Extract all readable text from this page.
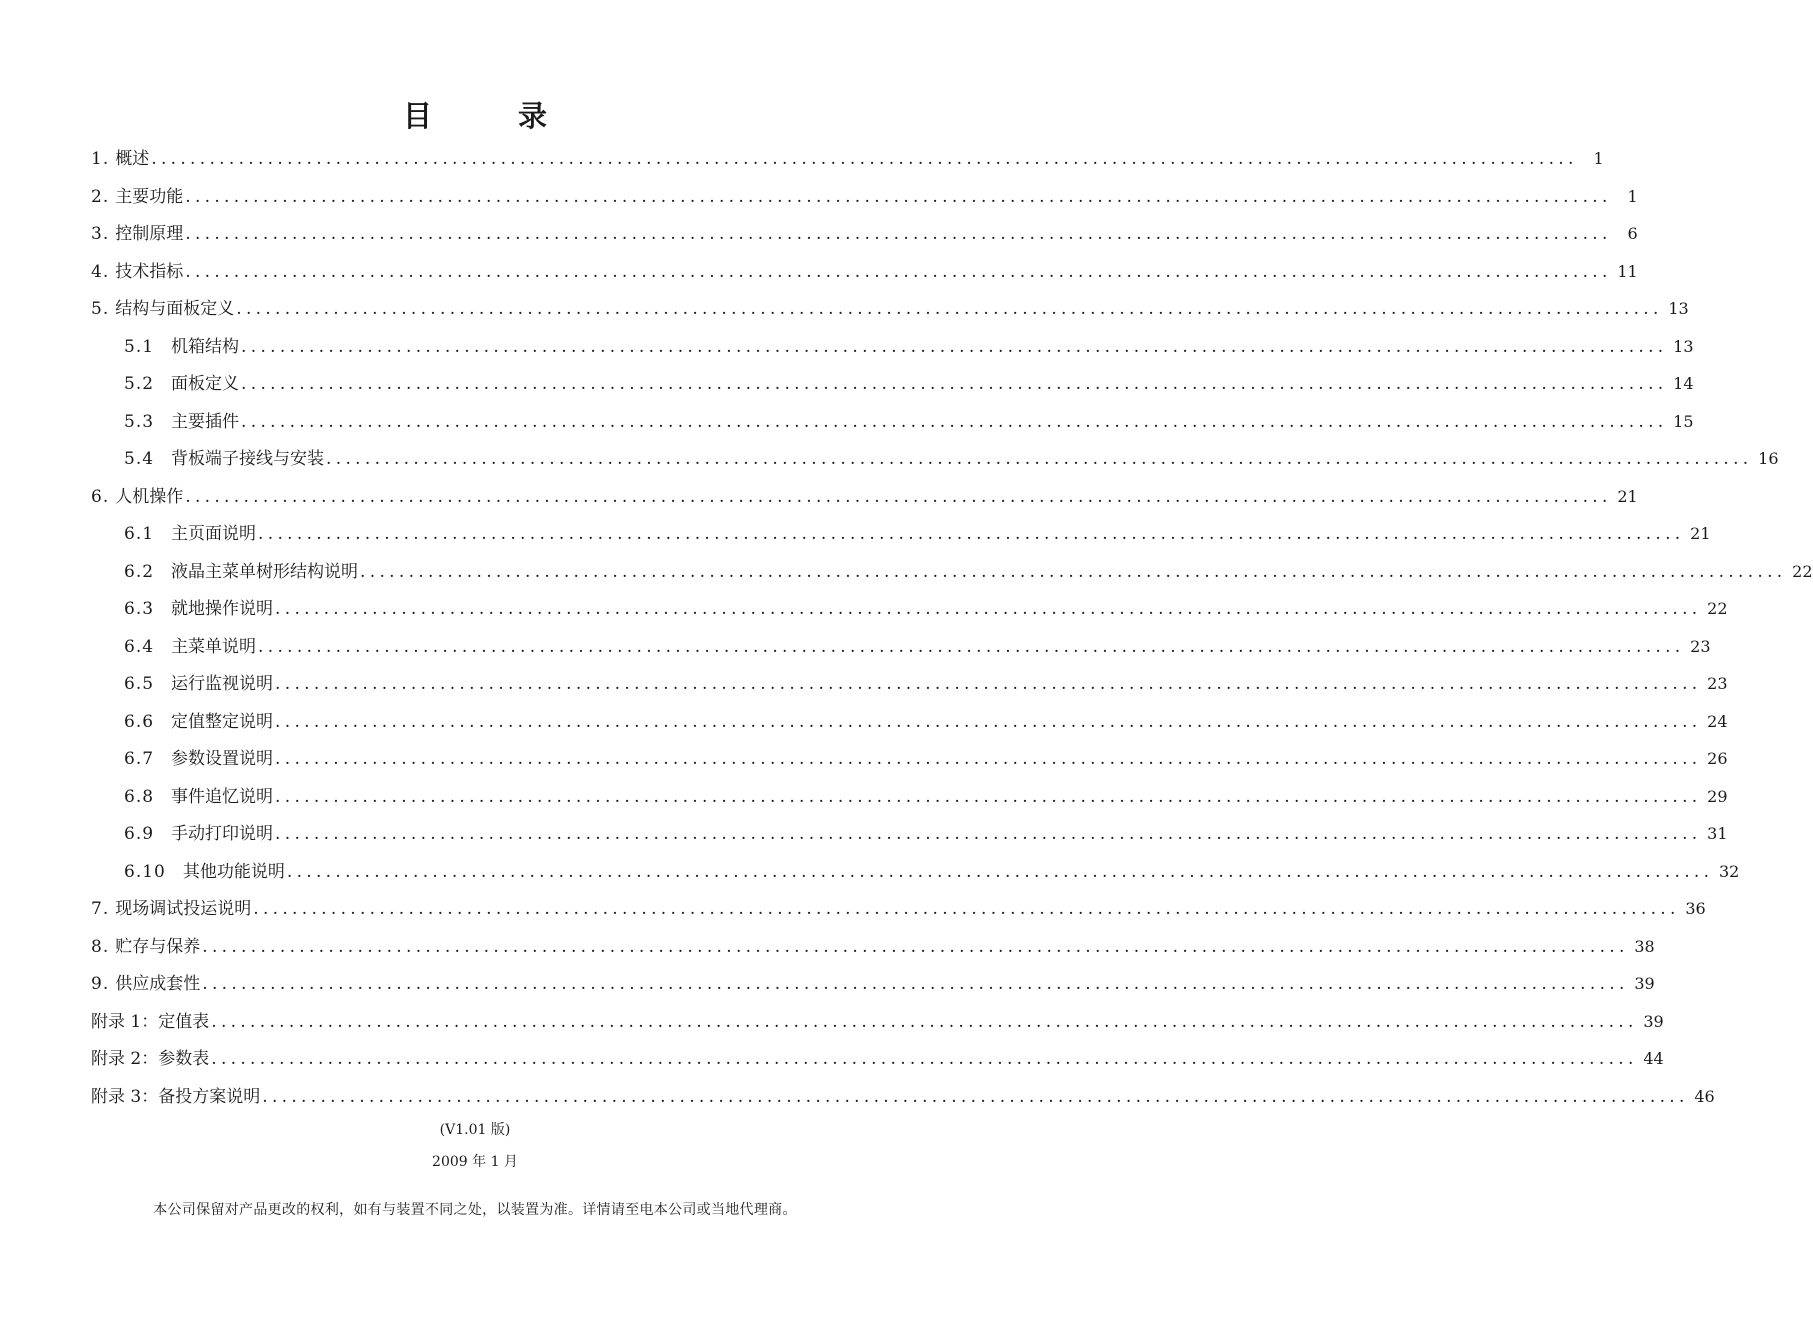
目 录
1. 概述 ................................................................................................................................................... 1
2. 主要功能 ................................................................................................................................................... 1
3. 控制原理 ................................................................................................................................................... 6
4. 技术指标 ................................................................................................................................................... 11
5. 结构与面板定义 ................................................................................................................................................... 13
5.1 机箱结构 ................................................................................................................................................... 13
5.2 面板定义 ................................................................................................................................................... 14
5.3 主要插件 ................................................................................................................................................... 15
5.4 背板端子接线与安装 ................................................................................................................................................... 16
6. 人机操作 ................................................................................................................................................... 21
6.1 主页面说明 ................................................................................................................................................... 21
6.2 液晶主菜单树形结构说明 ................................................................................................................................................... 22
6.3 就地操作说明 ................................................................................................................................................... 22
6.4 主菜单说明 ................................................................................................................................................... 23
6.5 运行监视说明 ................................................................................................................................................... 23
6.6 定值整定说明 ................................................................................................................................................... 24
6.7 参数设置说明 ................................................................................................................................................... 26
6.8 事件追忆说明 ................................................................................................................................................... 29
6.9 手动打印说明 ................................................................................................................................................... 31
6.10 其他功能说明 ................................................................................................................................................... 32
7. 现场调试投运说明 ................................................................................................................................................... 36
8. 贮存与保养 ................................................................................................................................................... 38
9. 供应成套性 ................................................................................................................................................... 39
附录 1：定值表 ................................................................................................................................................... 39
附录 2：参数表 ................................................................................................................................................... 44
附录 3：备投方案说明 ................................................................................................................................................... 46
(V1.01 版)
2009 年 1 月
本公司保留对产品更改的权利，如有与装置不同之处，以装置为准。详情请至电本公司或当地代理商。
